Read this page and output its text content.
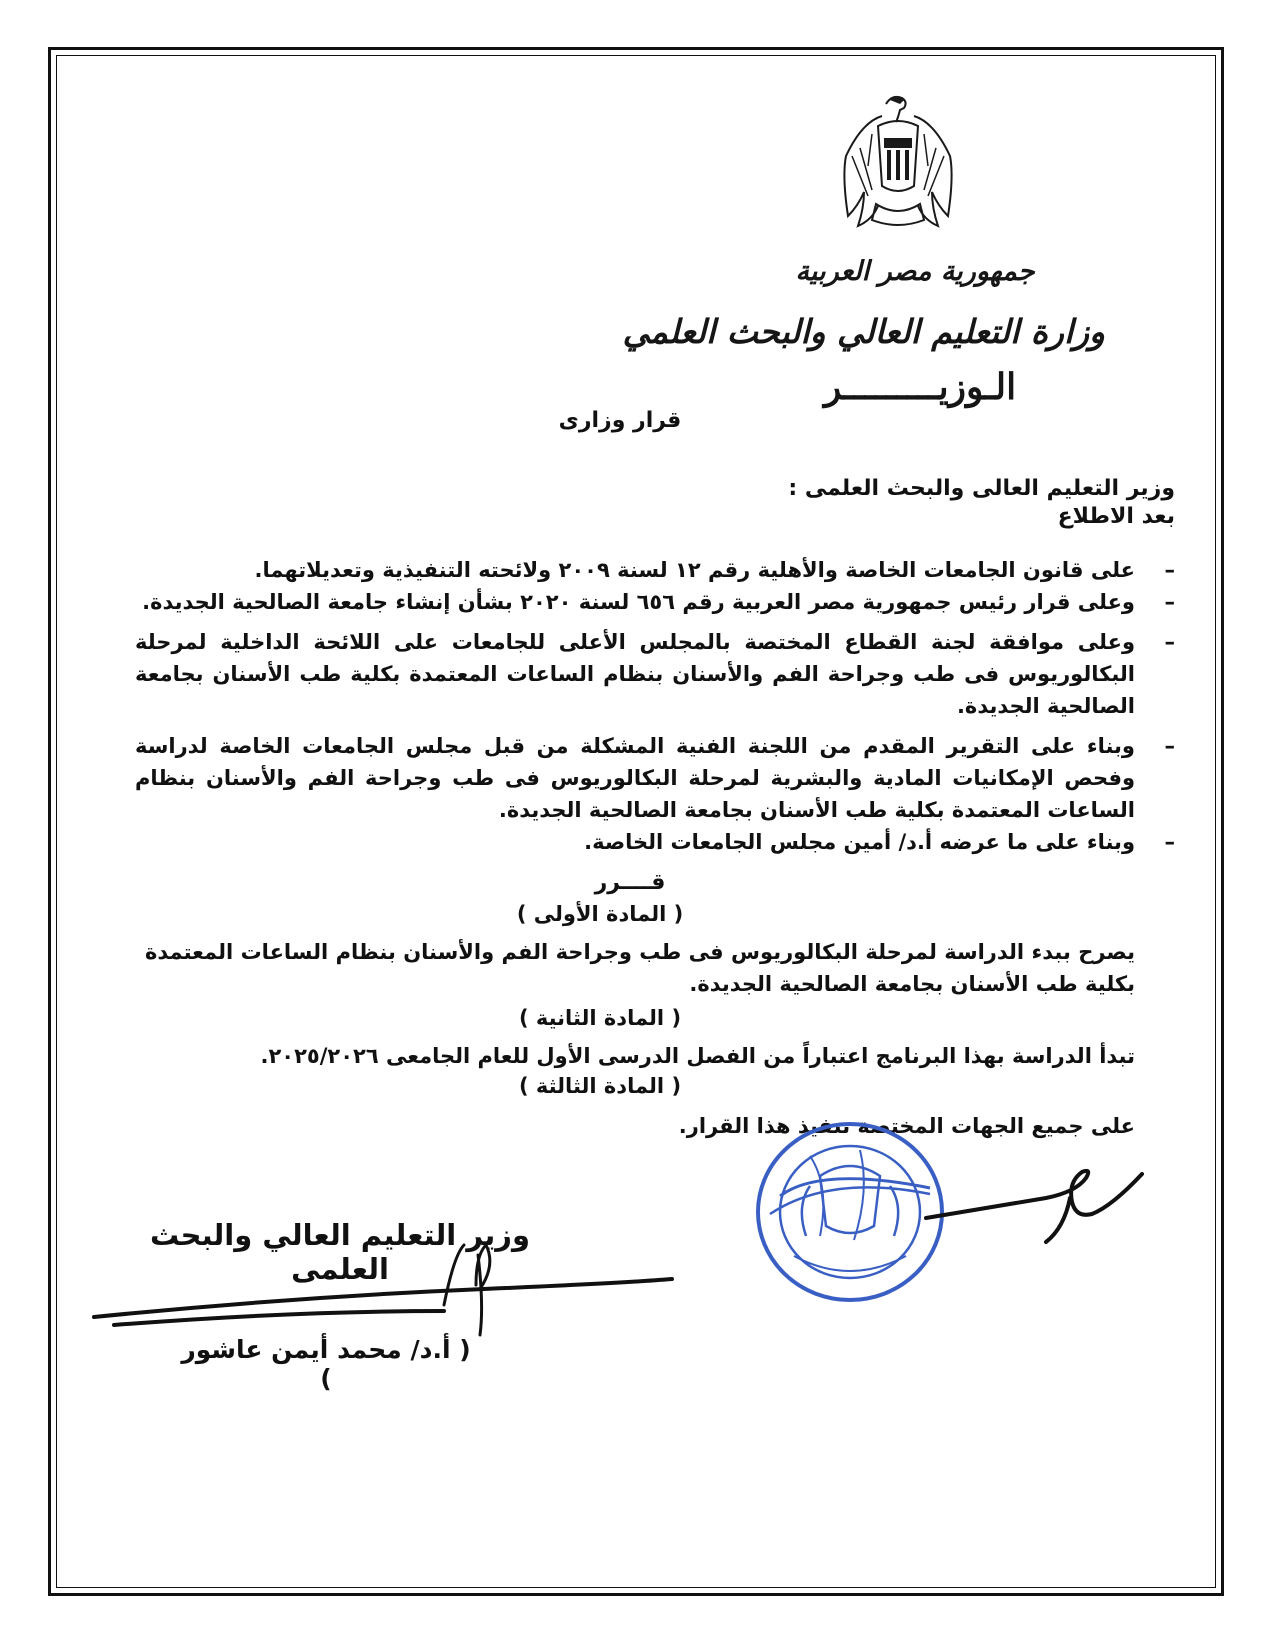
جمهورية مصر العربية
وزارة التعليم العالي والبحث العلمي
الـوزيـــــــــر
قرار وزارى
وزير التعليم العالى والبحث العلمى :
بعد الاطلاع
–
على قانون الجامعات الخاصة والأهلية رقم ١٢ لسنة ٢٠٠٩ ولائحته التنفيذية وتعديلاتهما.
–
وعلى قرار رئيس جمهورية مصر العربية رقم ٦٥٦ لسنة ٢٠٢٠ بشأن إنشاء جامعة الصالحية الجديدة.
–
وعلى موافقة لجنة القطاع المختصة بالمجلس الأعلى للجامعات على اللائحة الداخلية لمرحلة البكالوريوس فى طب وجراحة الفم والأسنان بنظام الساعات المعتمدة بكلية طب الأسنان بجامعة الصالحية الجديدة.
–
وبناء على التقرير المقدم من اللجنة الفنية المشكلة من قبل مجلس الجامعات الخاصة لدراسة وفحص الإمكانيات المادية والبشرية لمرحلة البكالوريوس فى طب وجراحة الفم والأسنان بنظام الساعات المعتمدة بكلية طب الأسنان بجامعة الصالحية الجديدة.
–
وبناء على ما عرضه أ.د/ أمين مجلس الجامعات الخاصة.
قــــرر
( المادة الأولى )
يصرح ببدء الدراسة لمرحلة البكالوريوس فى طب وجراحة الفم والأسنان بنظام الساعات المعتمدة بكلية طب الأسنان بجامعة الصالحية الجديدة.
( المادة الثانية )
تبدأ الدراسة بهذا البرنامج اعتباراً من الفصل الدرسى الأول للعام الجامعى ٢٠٢٥/٢٠٢٦.
( المادة الثالثة )
على جميع الجهات المختصة تنفيذ هذا القرار.
وزير التعليم العالي والبحث العلمى
( أ.د/ محمد أيمن عاشور )
